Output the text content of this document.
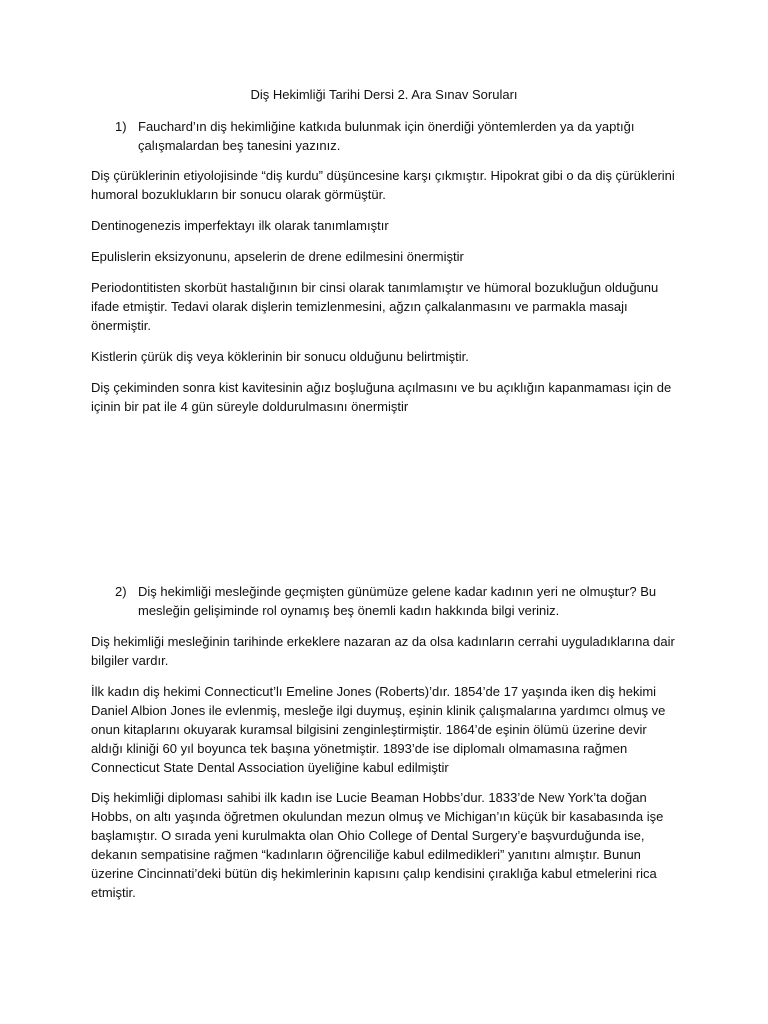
Diş Hekimliği Tarihi Dersi 2. Ara Sınav Soruları

1) Fauchard’ın diş hekimliğine katkıda bulunmak için önerdiği yöntemlerden ya da yaptığı çalışmalardan beş tanesini yazınız.

Diş çürüklerinin etiyolojisinde “diş kurdu” düşüncesine karşı çıkmıştır. Hipokrat gibi o da diş çürüklerini humoral bozuklukların bir sonucu olarak görmüştür.

Dentinogenezis imperfektayı ilk olarak tanımlamıştır

Epulislerin eksizyonunu, apselerin de drene edilmesini önermiştir

Periodontitisten skorbüt hastalığının bir cinsi olarak tanımlamıştır ve hümoral bozukluğun olduğunu ifade etmiştir. Tedavi olarak dişlerin temizlenmesini, ağzın çalkalanmasını ve parmakla masajı önermiştir.

Kistlerin çürük diş veya köklerinin bir sonucu olduğunu belirtmiştir.

Diş çekiminden sonra kist kavitesinin ağız boşluğuna açılmasını ve bu açıklığın kapanmaması için de içinin bir pat ile 4 gün süreyle doldurulmasını önermiştir

2) Diş hekimliği mesleğinde geçmişten günümüze gelene kadar kadının yeri ne olmuştur? Bu mesleğin gelişiminde rol oynamış beş önemli kadın hakkında bilgi veriniz.

Diş hekimliği mesleğinin tarihinde erkeklere nazaran az da olsa kadınların cerrahi uyguladıklarına dair bilgiler vardır.

İlk kadın diş hekimi Connecticut’lı Emeline Jones (Roberts)’dır. 1854’de 17 yaşında iken diş hekimi Daniel Albion Jones ile evlenmiş, mesleğe ilgi duymuş, eşinin klinik çalışmalarına yardımcı olmuş ve onun kitaplarını okuyarak kuramsal bilgisini zenginleştirmiştir. 1864’de eşinin ölümü üzerine devir aldığı kliniği 60 yıl boyunca tek başına yönetmiştir. 1893’de ise diplomalı olmamasına rağmen Connecticut State Dental Association üyeliğine kabul edilmiştir

Diş hekimliği diploması sahibi ilk kadın ise Lucie Beaman Hobbs’dur. 1833’de New York’ta doğan Hobbs, on altı yaşında öğretmen okulundan mezun olmuş ve Michigan’ın küçük bir kasabasında işe başlamıştır. O sırada yeni kurulmakta olan Ohio College of Dental Surgery’e başvurduğunda ise, dekanın sempatisine rağmen “kadınların öğrenciliğe kabul edilmedikleri” yanıtını almıştır. Bunun üzerine Cincinnati’deki bütün diş hekimlerinin kapısını çalıp kendisini çıraklığa kabul etmelerini rica etmiştir.
